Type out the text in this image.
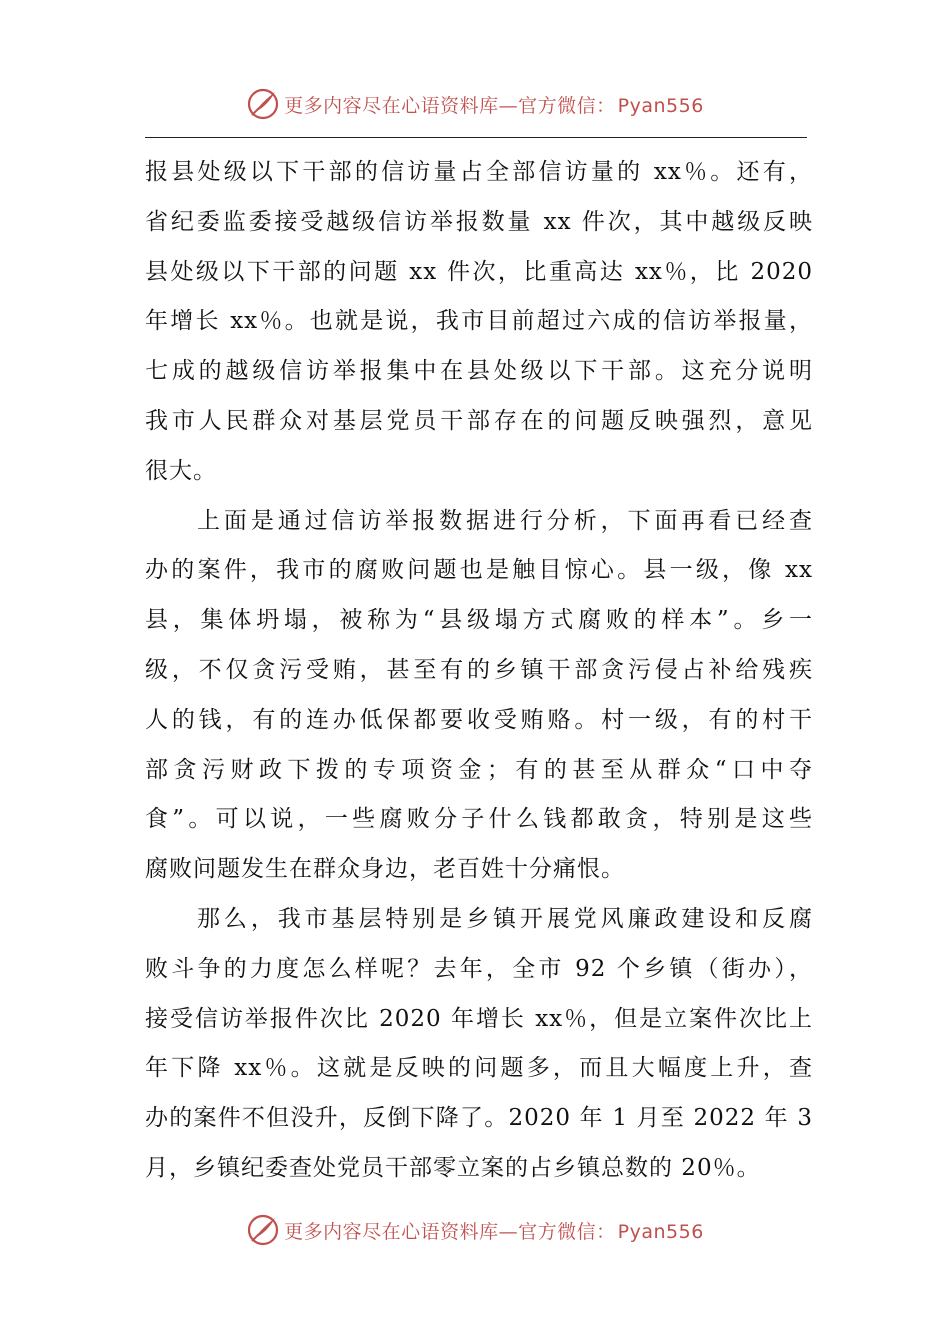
更多内容尽在心语资料库—官方微信： Pyan556
报县处级以下干部的信访量占全部信访量的 xx％。还有，
省纪委监委接受越级信访举报数量 xx 件次，其中越级反映
县处级以下干部的问题 xx 件次，比重高达 xx％，比 2020
年增长 xx％。也就是说，我市目前超过六成的信访举报量，
七成的越级信访举报集中在县处级以下干部。这充分说明
我市人民群众对基层党员干部存在的问题反映强烈，意见
很大。
上面是通过信访举报数据进行分析，下面再看已经查
办的案件，我市的腐败问题也是触目惊心。县一级，像 xx
县，集体坍塌，被称为“县级塌方式腐败的样本”。乡一
级，不仅贪污受贿，甚至有的乡镇干部贪污侵占补给残疾
人的钱，有的连办低保都要收受贿赂。村一级，有的村干
部贪污财政下拨的专项资金；有的甚至从群众“口中夺
食”。可以说，一些腐败分子什么钱都敢贪，特别是这些
腐败问题发生在群众身边，老百姓十分痛恨。
那么，我市基层特别是乡镇开展党风廉政建设和反腐
败斗争的力度怎么样呢？去年，全市 92 个乡镇（街办），
接受信访举报件次比 2020 年增长 xx％，但是立案件次比上
年下降 xx％。这就是反映的问题多，而且大幅度上升，查
办的案件不但没升，反倒下降了。2020 年 1 月至 2022 年 3
月，乡镇纪委查处党员干部零立案的占乡镇总数的 20％。
更多内容尽在心语资料库—官方微信： Pyan556
